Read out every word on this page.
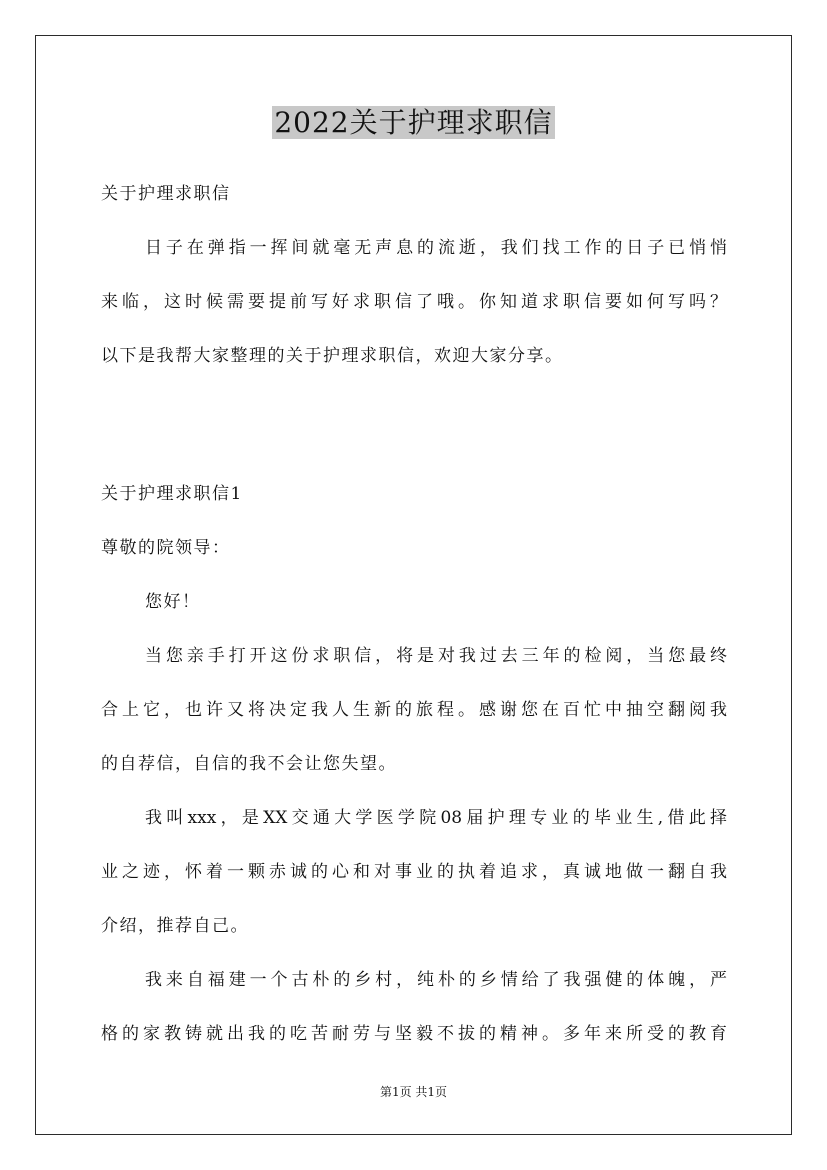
2022关于护理求职信
关于护理求职信
日子在弹指一挥间就毫无声息的流逝，我们找工作的日子已悄悄
来临，这时候需要提前写好求职信了哦。你知道求职信要如何写吗？
以下是我帮大家整理的关于护理求职信，欢迎大家分享。
关于护理求职信1
尊敬的院领导：
您好！
当您亲手打开这份求职信，将是对我过去三年的检阅，当您最终
合上它，也许又将决定我人生新的旅程。感谢您在百忙中抽空翻阅我
的自荐信，自信的我不会让您失望。
我叫xxx，是XX交通大学医学院08届护理专业的毕业生,借此择
业之迹，怀着一颗赤诚的心和对事业的执着追求，真诚地做一翻自我
介绍，推荐自己。
我来自福建一个古朴的乡村，纯朴的乡情给了我强健的体魄，严
格的家教铸就出我的吃苦耐劳与坚毅不拔的精神。多年来所受的教育
第1页 共1页
